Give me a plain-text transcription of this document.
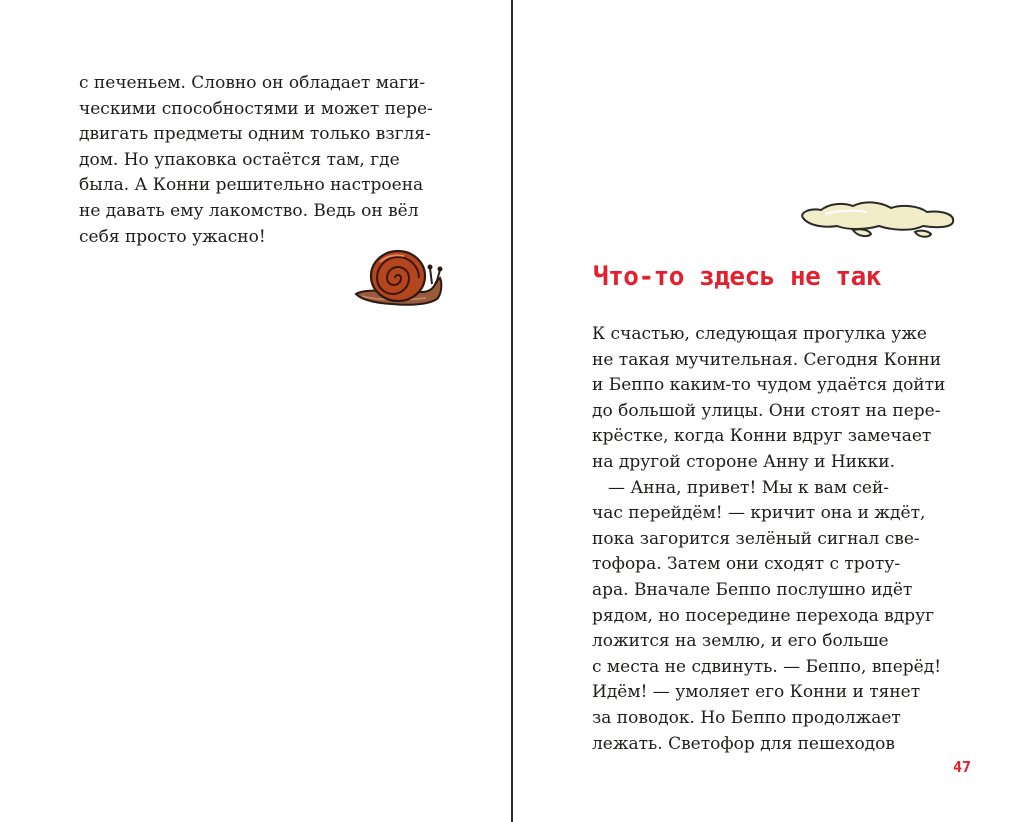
с печеньем. Словно он обладает маги-
ческими способностями и может пере-
двигать предметы одним только взгля-
дом. Но упаковка остаётся там, где
была. А Конни решительно настроена
не давать ему лакомство. Ведь он вёл
себя просто ужасно!
Что-то здесь не так
К счастью, следующая прогулка уже
не такая мучительная. Сегодня Конни
и Беппо каким-то чудом удаётся дойти
до большой улицы. Они стоят на пере-
крёстке, когда Конни вдруг замечает
на другой стороне Анну и Никки.
— Анна, привет! Мы к вам сей-
час перейдём! — кричит она и ждёт,
пока загорится зелёный сигнал све-
тофора. Затем они сходят с троту-
ара. Вначале Беппо послушно идёт
рядом, но посередине перехода вдруг
ложится на землю, и его больше
с места не сдвинуть. — Беппо, вперёд!
Идём! — умоляет его Конни и тянет
за поводок. Но Беппо продолжает
лежать. Светофор для пешеходов
47
